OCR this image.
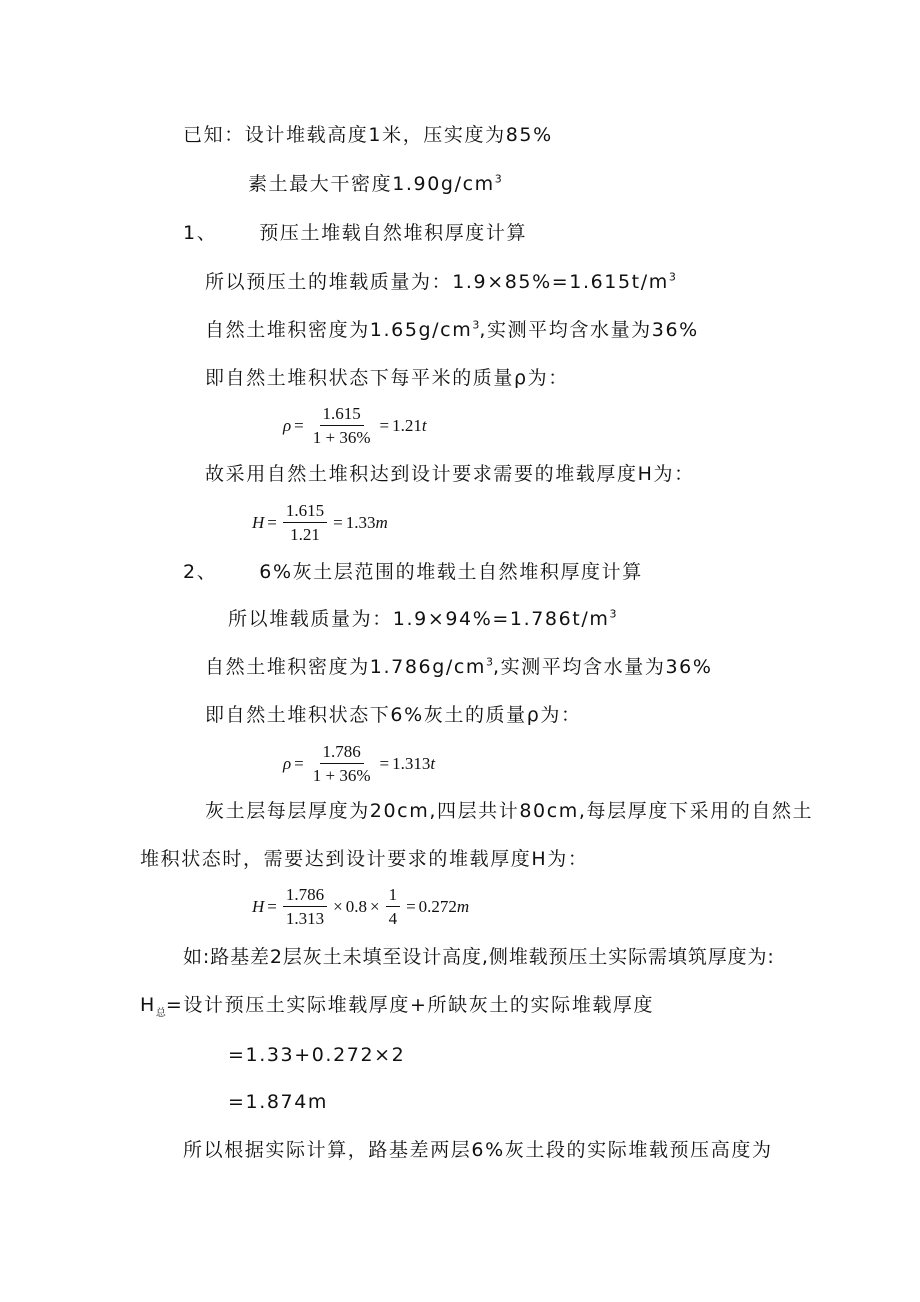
已知：设计堆载高度1米，压实度为85%
素土最大干密度$1.90g/cm^3$
1、 预压土堆载自然堆积厚度计算
所以预压土的堆载质量为：$1.9\times 85\%=1.615t/m^3$
自然土堆积密度为$1.65g/cm^3$,实测平均含水量为36%
即自然土堆积状态下每平米的质量ρ为：
$\rho = \frac{1.615}{1 + 36\%} = 1.21$ t
故采用自然土堆积达到设计要求需要的堆载厚度H为：
$H = \frac{1.615}{1.21} = 1.33$ m
2、 6%灰土层范围的堆载土自然堆积厚度计算
所以堆载质量为：$1.9\times 94\%=1.786t/m^3$
自然土堆积密度为$1.786g/cm^3$,实测平均含水量为36%
即自然土堆积状态下6%灰土的质量ρ为：
$\rho = \frac{1.786}{1 + 36\%} = 1.313$ t
灰土层每层厚度为20cm,四层共计80cm,每层厚度下采用的自然土
堆积状态时，需要达到设计要求的堆载厚度H为：
$H = \frac{1.786}{1.313} \times 0.8 \times \frac{1}{4} = 0.272$ m
如:路基差2层灰土未填至设计高度,侧堆载预压土实际需填筑厚度为:
$H_总=$设计预压土实际堆载厚度+所缺灰土的实际堆载厚度
=1.33+0.272×2
=1.874m
所以根据实际计算，路基差两层6%灰土段的实际堆载预压高度为
